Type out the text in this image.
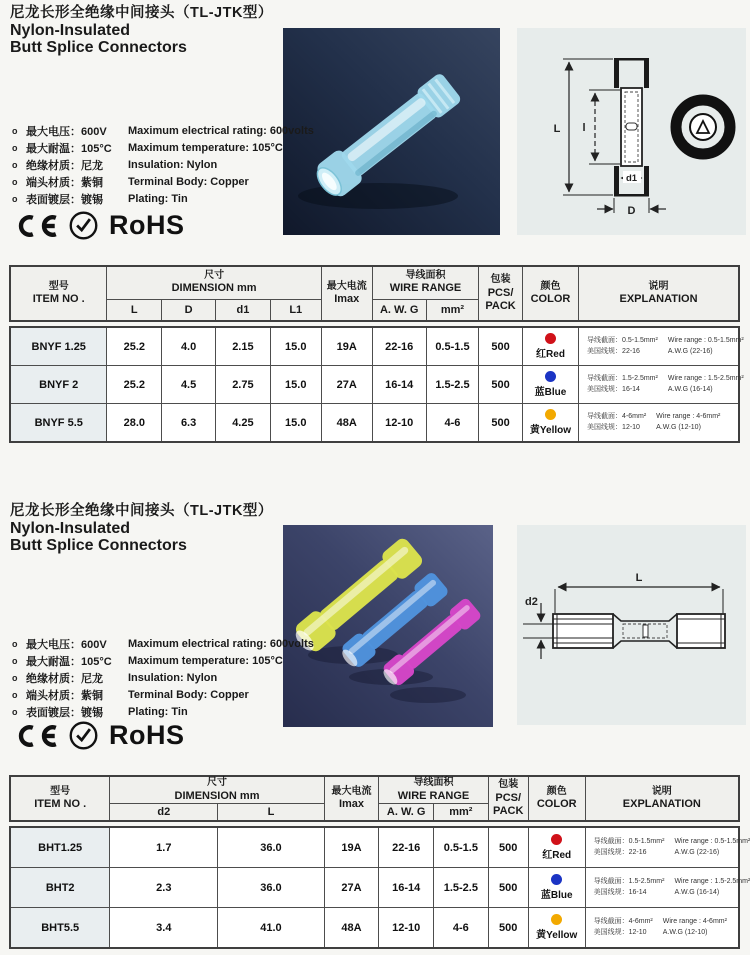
尼龙长形全绝缘中间接头（TL-JTK型）
Nylon-Insulated
Butt Splice Connectors
L l
d1
D
o 最大电压：600V	Maximum electrical rating: 600volts
o 最大耐温：105°C	Maximum temperature: 105°C
o 绝缘材质：尼龙	Insulation: Nylon
o 端头材质：紫铜	Terminal Body: Copper
o 表面镀层：镀锡	Plating: Tin
RoHS
型号
ITEM NO .

尺寸
DIMENSION mm	最大电流
Imax

导线面积
WIRE RANGE

包装
PCS/
PACK

颜色
COLOR

说明
EXPLANATION

	L	D	d1	L1		A. W. G	mm²			
BNYF 1.25	25.2	4.0	2.15	15.0	19A	22-16	0.5-1.5	500	红Red	导线截面：0.5-1.5mm²
美国线规：22-16
Wire range : 0.5-1.5mm²
A.W.G (22-16)

BNYF 2	25.2	4.5	2.75	15.0	27A	16-14	1.5-2.5	500	蓝Blue	导线截面：1.5-2.5mm²
美国线规：16-14
Wire range : 1.5-2.5mm²
A.W.G (16-14)

BNYF 5.5	28.0	6.3	4.25	15.0	48A	12-10	4-6	500	黄Yellow	导线截面：4-6mm²
美国线规：12-10
Wire range : 4-6mm²
A.W.G (12-10)
尼龙长形全绝缘中间接头（TL-JTK型）
Nylon-Insulated
Butt Splice Connectors
L
d2
o 最大电压：600V	Maximum electrical rating: 600volts
o 最大耐温：105°C	Maximum temperature: 105°C
o 绝缘材质：尼龙	Insulation: Nylon
o 端头材质：紫铜	Terminal Body: Copper
o 表面镀层：镀锡	Plating: Tin
RoHS
型号
ITEM NO .

尺寸
DIMENSION mm	最大电流
Imax

导线面积
WIRE RANGE

包装
PCS/
PACK

颜色
COLOR

说明
EXPLANATION

	d2	L		A. W. G	mm²			
BHT1.25	1.7	36.0	19A	22-16	0.5-1.5	500	红Red	导线截面：0.5-1.5mm²
美国线规：22-16
Wire range : 0.5-1.5mm²
A.W.G (22-16)

BHT2	2.3	36.0	27A	16-14	1.5-2.5	500	蓝Blue	导线截面：1.5-2.5mm²
美国线规：16-14
Wire range : 1.5-2.5mm²
A.W.G (16-14)

BHT5.5	3.4	41.0	48A	12-10	4-6	500	黄Yellow	导线截面：4-6mm²
美国线规：12-10
Wire range : 4-6mm²
A.W.G (12-10)
